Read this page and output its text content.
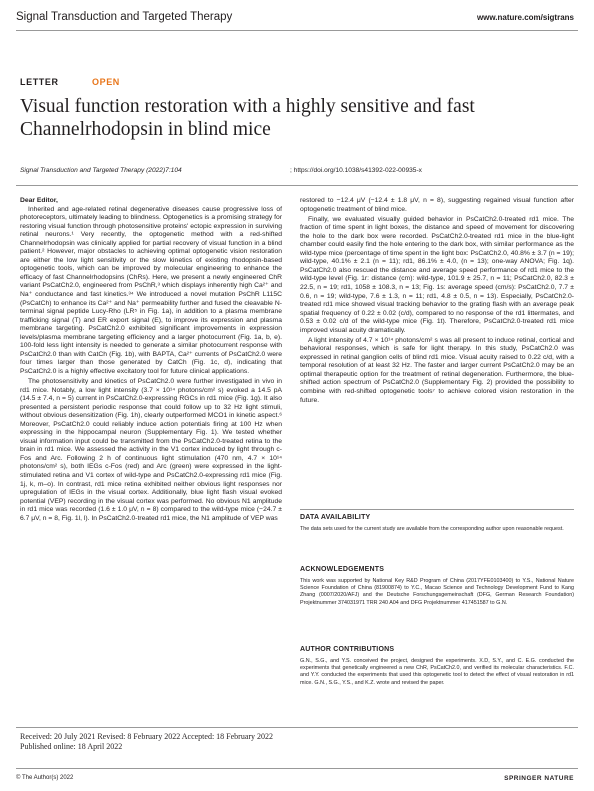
Signal Transduction and Targeted Therapy	www.nature.com/sigtrans
LETTER	OPEN
Visual function restoration with a highly sensitive and fast Channelrhodopsin in blind mice
Signal Transduction and Targeted Therapy (2022)7:104	; https://doi.org/10.1038/s41392-022-00935-x

Dear Editor,

Inherited and age-related retinal degenerative diseases cause progressive loss of photoreceptors, ultimately leading to blindness. Optogenetics is a promising strategy for restoring visual function through photosensitive proteins' ectopic expression in surviving retinal neurons.¹ Very recently, the optogenetic method with a red-shifted Channelrhodopsin was clinically applied for partial recovery of visual function in a blind patient.² However, major obstacles to achieving optimal optogenetic vision restoration are either the low light sensitivity or the slow kinetics of existing rhodopsin-based optogenetic tools, which can be improved by molecular engineering to enhance the efficacy of fast Channelrhodopsins (ChRs). Here, we present a newly engineered ChR variant PsCatCh2.0, engineered from PsChR,³ which displays inherently high Ca²⁺ and Na⁺ conductance and fast kinetics.³⁴ We introduced a novel mutation PsChR L115C (PsCatCh) to enhance its Ca²⁺ and Na⁺ permeability further and fused the cleavable N-terminal signal peptide Lucy-Rho (LR⁵ in Fig. 1a), in addition to a plasma membrane trafficking signal (T) and ER export signal (E), to improve its expression and plasma membrane targeting. PsCatCh2.0 exhibited significant improvements in expression levels/plasma membrane targeting efficiency and a larger photocurrent (Fig. 1a, b, e). 100-fold less light intensity is needed to generate a similar photocurrent response with PsCatCh2.0 than with CatCh (Fig. 1b), with BAPTA, Ca²⁺ currents of PsCatCh2.0 were four times larger than those generated by CatCh (Fig. 1c, d), indicating that PsCatCh2.0 is a highly effective excitatory tool for future clinical applications.

The photosensitivity and kinetics of PsCatCh2.0 were further investigated in vivo in rd1 mice. Notably, a low light intensity (3.7 × 10¹⁴ photons/cm² s) evoked a 14.5 pA (14.5 ± 7.4, n = 5) current in PsCatCh2.0-expressing RGCs in rd1 mice (Fig. 1g). It also presented a persistent periodic response that could follow up to 32 Hz light stimuli, without obvious desensitization (Fig. 1h), clearly outperformed MCO1 in kinetic aspect.⁶ Moreover, PsCatCh2.0 could reliably induce action potentials firing at 100 Hz when expressing in the hippocampal neuron (Supplementary Fig. 1). We tested whether visual information input could be transmitted from the PsCatCh2.0-treated retina to the brain in rd1 mice. We assessed the activity in the V1 cortex induced by light through c-Fos and Arc. Following 2 h of continuous light stimulation (470 nm, 4.7 × 10¹⁴ photons/cm² s), both IEGs c-Fos (red) and Arc (green) were expressed in the light-stimulated retina and V1 cortex of wild-type and PsCatCh2.0-expressing rd1 mice (Fig. 1j, k, m–o). In contrast, rd1 mice retina exhibited neither obvious light responses nor upregulation of IEGs in the visual cortex. Additionally, blue light flash visual evoked potential (VEP) recording in the visual cortex was performed. No obvious N1 amplitude in rd1 mice was recorded (1.6 ± 1.0 μV, n = 8) compared to the wild-type mice (−24.7 ± 6.7 μV, n = 8, Fig. 1l, l). In PsCatCh2.0-treated rd1 mice, the N1 amplitude of VEP was

restored to −12.4 μV (−12.4 ± 1.8 μV, n = 8), suggesting regained visual function after optogenetic treatment of blind mice.

Finally, we evaluated visually guided behavior in PsCatCh2.0-treated rd1 mice. The fraction of time spent in light boxes, the distance and speed of movement for discovering the hole to the dark box were recorded. PsCatCh2.0-treated rd1 mice in the blue-light chamber could easily find the hole entering to the dark box, with similar performance as the wild-type mice (percentage of time spent in the light box: PsCatCh2.0, 40.8% ± 3.7 (n = 19); wild-type, 40.1% ± 2.1 (n = 11); rd1, 86.1% ± 4.0, (n = 13); one-way ANOVA; Fig. 1q). PsCatCh2.0 also rescued the distance and average speed performance of rd1 mice to the wild-type level (Fig. 1r: distance (cm): wild-type, 101.9 ± 25.7, n = 11; PsCatCh2.0, 82.3 ± 22.5, n = 19; rd1, 1058 ± 108.3, n = 13; Fig. 1s: average speed (cm/s): PsCatCh2.0, 7.7 ± 0.6, n = 19; wild-type, 7.6 ± 1.3, n = 11; rd1, 4.8 ± 0.5, n = 13). Especially, PsCatCh2.0-treated rd1 mice showed visual tracking behavior to the grating flash with an average peak spatial frequency of 0.22 ± 0.02 (c/d), compared to no response of the rd1 littermates, and 0.53 ± 0.02 c/d of the wild-type mice (Fig. 1t). Therefore, PsCatCh2.0-treated rd1 mice improved visual acuity dramatically.

A light intensity of 4.7 × 10¹⁴ photons/cm² s was all present to induce retinal, cortical and behavioral responses, which is safe for light therapy. In this study, PsCatCh2.0 was expressed in retinal ganglion cells of blind rd1 mice. Visual acuity raised to 0.22 c/d, with a temporal resolution of at least 32 Hz. The faster and larger current PsCatCh2.0 may be an optimal therapeutic option for the treatment of retinal degeneration. Furthermore, the blue-shifted action spectrum of PsCatCh2.0 (Supplementary Fig. 2) provided the possibility to combine with red-shifted optogenetic tools⁷ to achieve colored vision restoration in the future.

DATA AVAILABILITY
The data sets used for the current study are available from the corresponding author upon reasonable request.
ACKNOWLEDGEMENTS
This work was supported by National Key R&D Program of China (2017YFE0103400) to Y.S., National Nature Science Foundation of China (81900874) to Y.C., Macao Science and Technology Development Fund to Kang Zhang (0007/2020/AFJ) and the Deutsche Forschungsgemeinschaft (DFG, German Research Foundation) Projektnummer 374031971 TRR 240 A04 and DFG Projektnummer 417451587 to G.N.
AUTHOR CONTRIBUTIONS
G.N., S.G., and Y.S. conceived the project, designed the experiments. X.D, S.Y., and C. E.G. conducted the experiments that genetically engineered a new ChR, PsCatCh2.0, and verified its molecular characteristics. F.C. and Y.Y. conducted the experiments that used this optogenetic tool to detect the effect of visual restoration in rd1 mice. G.N., S.G., Y.S., and K.Z. wrote and revised the paper.
Received: 20 July 2021 Revised: 8 February 2022 Accepted: 18 February 2022
Published online: 18 April 2022
© The Author(s) 2022	SPRINGER NATURE
